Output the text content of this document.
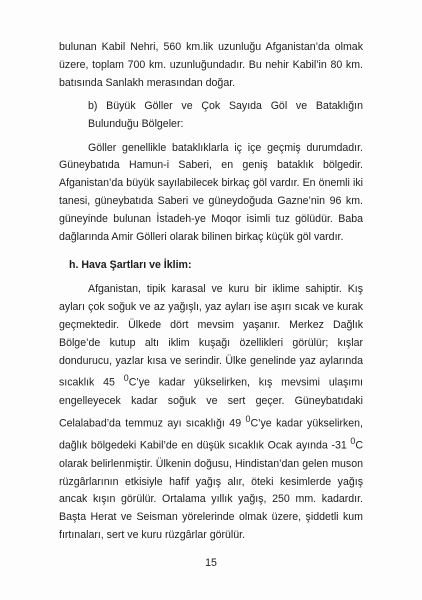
bulunan Kabil Nehri, 560 km.lik uzunluğu Afganistan’da olmak üzere, toplam 700 km. uzunluğundadır. Bu nehir Kabil’in 80 km. batısında Sanlakh merasından doğar.

b) Büyük Göller ve Çok Sayıda Göl ve Bataklığın Bulunduğu Bölgeler:

Göller genellikle bataklıklarla iç içe geçmiş durumdadır. Güneybatıda Hamun-i Saberi, en geniş bataklık bölgedir. Afganistan’da büyük sayılabilecek birkaç göl vardır. En önemli iki tanesi, güneybatıda Saberi ve güneydoğuda Gazne’nin 96 km. güneyinde bulunan İstadeh-ye Moqor isimli tuz gölüdür. Baba dağlarında Amir Gölleri olarak bilinen birkaç küçük göl vardır.

h. Hava Şartları ve İklim:

Afganistan, tipik karasal ve kuru bir iklime sahiptir. Kış ayları çok soğuk ve az yağışlı, yaz ayları ise aşırı sıcak ve kurak geçmektedir. Ülkede dört mevsim yaşanır. Merkez Dağlık Bölge’de kutup altı iklim kuşağı özellikleri görülür; kışlar dondurucu, yazlar kısa ve serindir. Ülke genelinde yaz aylarında sıcaklık 45 $^0$C’ye kadar yükselirken, kış mevsimi ulaşımı engelleyecek kadar soğuk ve sert geçer. Güneybatıdaki Celalabad’da temmuz ayı sıcaklığı 49 $^0$C’ye kadar yükselirken, dağlık bölgedeki Kabil’de en düşük sıcaklık Ocak ayında -31 $^0$C olarak belirlenmiştir. Ülkenin doğusu, Hindistan’dan gelen muson rüzgârlarının etkisiyle hafif yağış alır, öteki kesimlerde yağış ancak kışın görülür. Ortalama yıllık yağış, 250 mm. kadardır. Başta Herat ve Seisman yörelerinde olmak üzere, şiddetli kum fırtınaları, sert ve kuru rüzgârlar görülür.

15
